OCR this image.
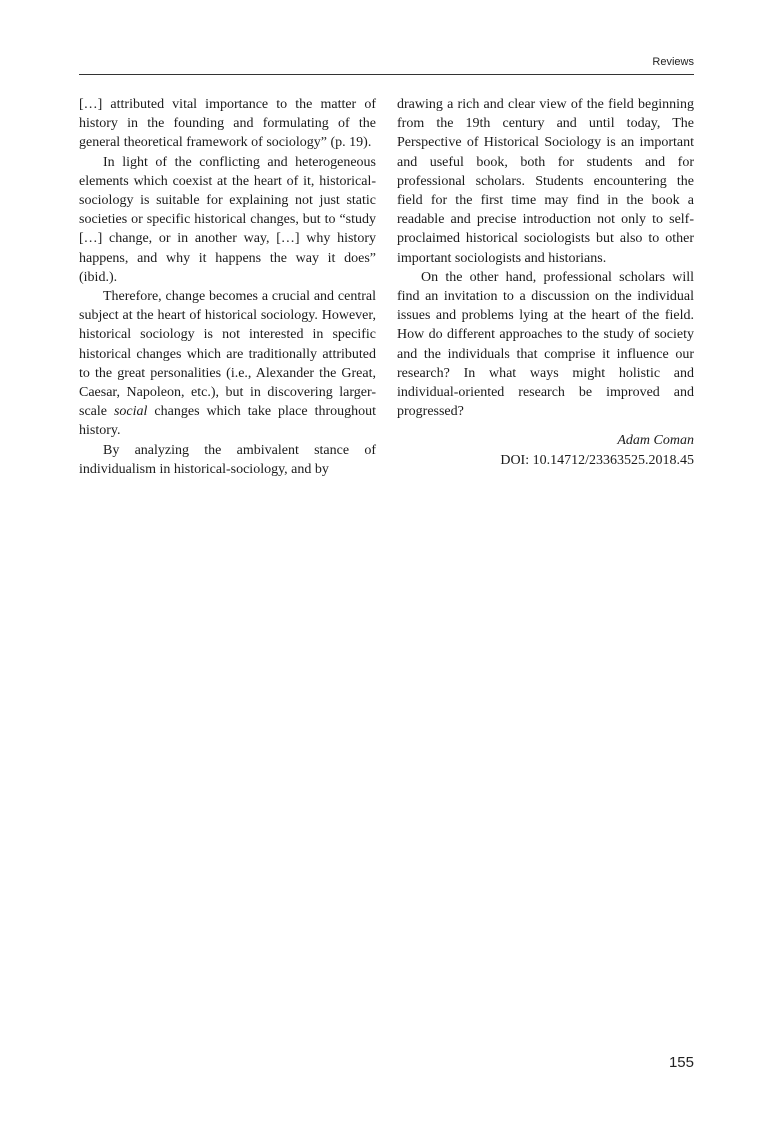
Reviews

[…] attributed vital importance to the matter of history in the founding and formulating of the general theoretical framework of sociology” (p. 19).

In light of the conflicting and heterogeneous elements which coexist at the heart of it, historical-sociology is suitable for explaining not just static societies or specific historical changes, but to “study […] change, or in another way, […] why history happens, and why it happens the way it does” (ibid.).

Therefore, change becomes a crucial and central subject at the heart of historical sociology. However, historical sociology is not interested in specific historical changes which are traditionally attributed to the great personalities (i.e., Alexander the Great, Caesar, Napoleon, etc.), but in discovering larger-scale social changes which take place throughout history.

By analyzing the ambivalent stance of individualism in historical-sociology, and by

drawing a rich and clear view of the field beginning from the 19th century and until today, The Perspective of Historical Sociology is an important and useful book, both for students and for professional scholars. Students encountering the field for the first time may find in the book a readable and precise introduction not only to self-proclaimed historical sociologists but also to other important sociologists and historians.

On the other hand, professional scholars will find an invitation to a discussion on the individual issues and problems lying at the heart of the field. How do different approaches to the study of society and the individuals that comprise it influence our research? In what ways might holistic and individual-oriented research be improved and progressed?

Adam Coman

DOI: 10.14712/23363525.2018.45

155
